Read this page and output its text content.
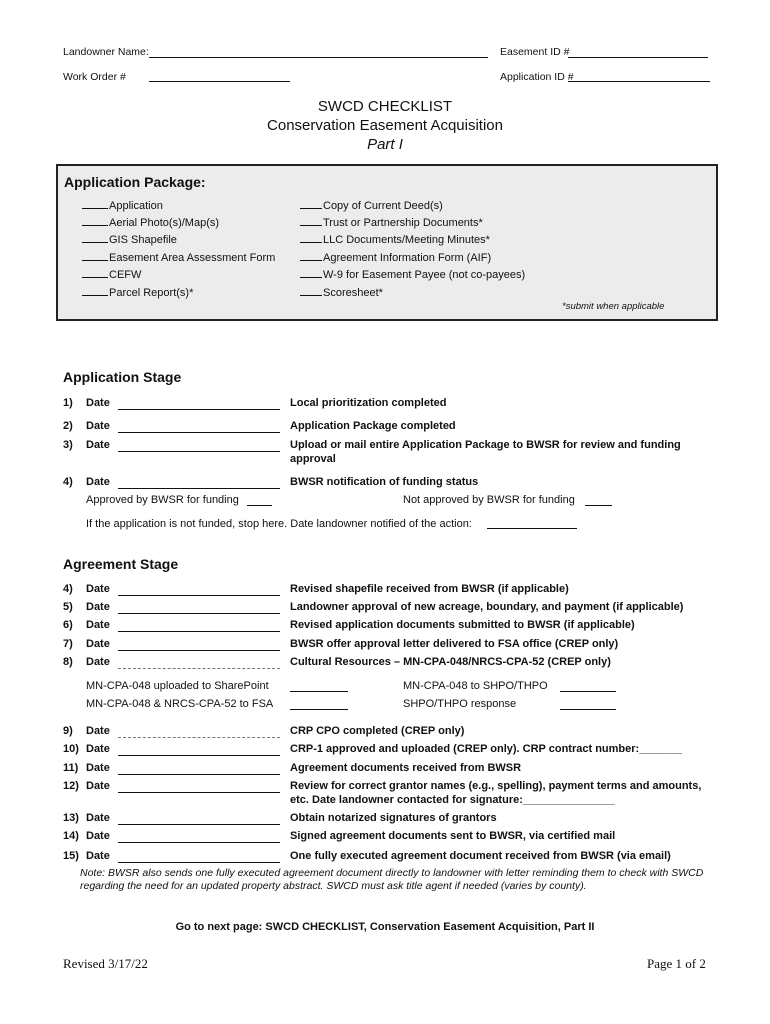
Landowner Name:	Easement ID #
Work Order #	Application ID #
SWCD CHECKLIST
Conservation Easement Acquisition
Part I
Application Package:
Application
Aerial Photo(s)/Map(s)
GIS Shapefile
Easement Area Assessment Form
CEFW
Parcel Report(s)*
Copy of Current Deed(s)
Trust or Partnership Documents*
LLC Documents/Meeting Minutes*
Agreement Information Form (AIF)
W-9 for Easement Payee (not co-payees)
Scoresheet*
*submit when applicable
Application Stage
1) Date	Local prioritization completed
2) Date	Application Package completed
3) Date	Upload or mail entire Application Package to BWSR for review and funding approval
4) Date	BWSR notification of funding status
Approved by BWSR for funding	Not approved by BWSR for funding
If the application is not funded, stop here. Date landowner notified of the action:
Agreement Stage
4) Date	Revised shapefile received from BWSR (if applicable)
5) Date	Landowner approval of new acreage, boundary, and payment (if applicable)
6) Date	Revised application documents submitted to BWSR (if applicable)
7) Date	BWSR offer approval letter delivered to FSA office (CREP only)
8) Date	Cultural Resources – MN-CPA-048/NRCS-CPA-52 (CREP only)
MN-CPA-048 uploaded to SharePoint	MN-CPA-048 to SHPO/THPO
MN-CPA-048 & NRCS-CPA-52 to FSA	SHPO/THPO response
9) Date	CRP CPO completed (CREP only)
10) Date	CRP-1 approved and uploaded (CREP only). CRP contract number:_______
11) Date	Agreement documents received from BWSR
12) Date	Review for correct grantor names (e.g., spelling), payment terms and amounts, etc. Date landowner contacted for signature:_______________
13) Date	Obtain notarized signatures of grantors
14) Date	Signed agreement documents sent to BWSR, via certified mail
15) Date	One fully executed agreement document received from BWSR (via email)
Note: BWSR also sends one fully executed agreement document directly to landowner with letter reminding them to check with SWCD regarding the need for an updated property abstract. SWCD must ask title agent if needed (varies by county).
Go to next page: SWCD CHECKLIST, Conservation Easement Acquisition, Part II
Revised 3/17/22	Page 1 of 2
